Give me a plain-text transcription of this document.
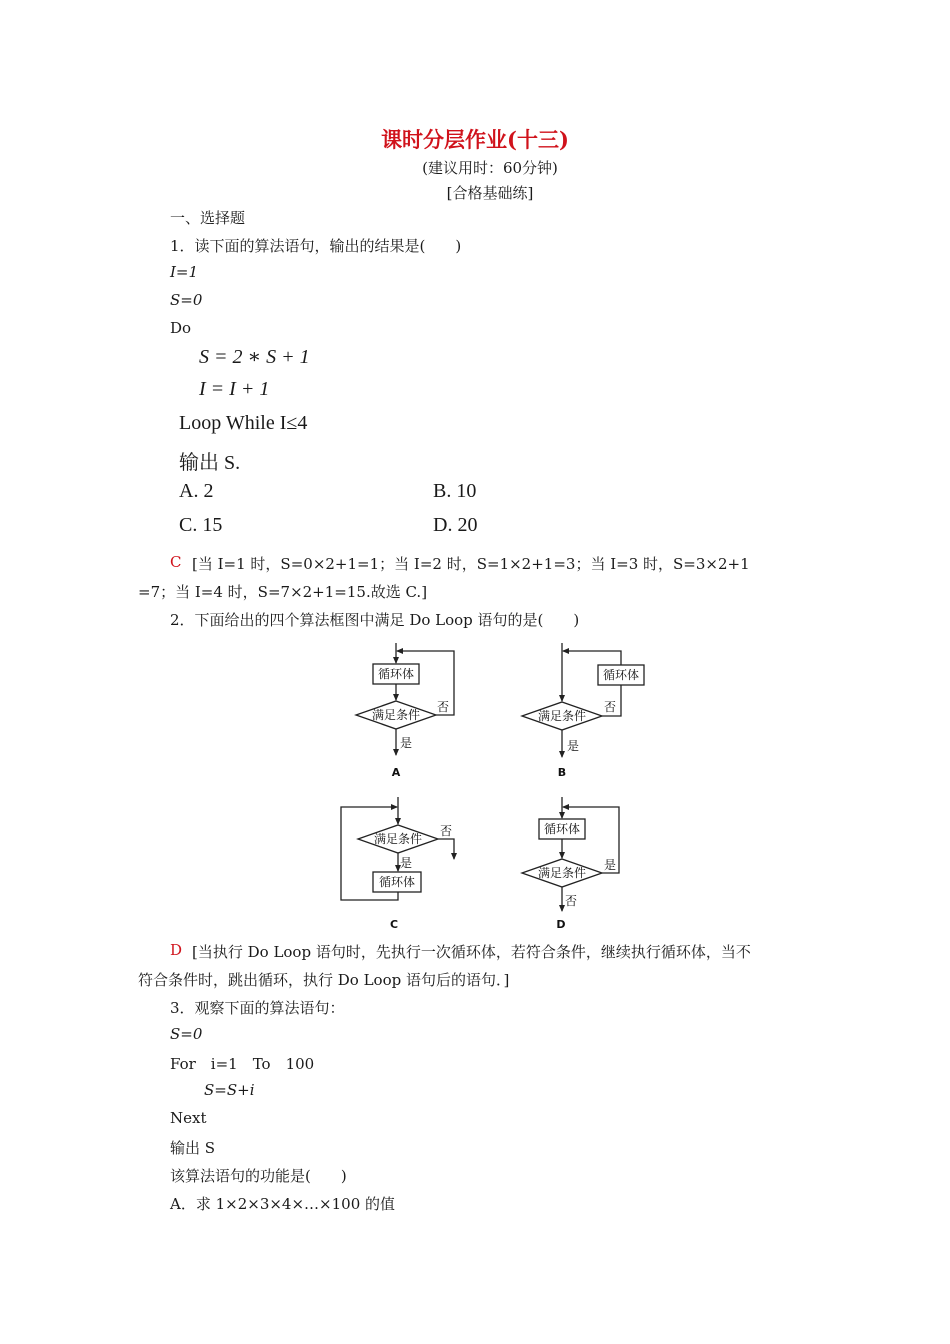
课时分层作业(十三)
(建议用时：60分钟)
[合格基础练]
一、选择题
1．读下面的算法语句，输出的结果是(　　)
I=1
S=0
Do
S = 2 ∗ S + 1
I = I + 1
Loop While I≤4
输出 S.
A. 2	B. 10
C. 15	D. 20
C [当 I=1 时，S=0×2+1=1；当 I=2 时，S=1×2+1=3；当 I=3 时，S=3×2+1
=7；当 I=4 时，S=7×2+1=15.故选 C.]
2．下面给出的四个算法框图中满足 Do Loop 语句的是(　　)
循环体
满足条件
否
是
A
循环体
满足条件
否
是
B
满足条件
否
是
循环体
C
循环体
满足条件
是
否
D
D [当执行 Do Loop 语句时，先执行一次循环体，若符合条件，继续执行循环体，当不
符合条件时，跳出循环，执行 Do Loop 语句后的语句．]
3．观察下面的算法语句：
S=0
For　i=1　To　100
S=S+i
Next
输出 S
该算法语句的功能是(　　)
A．求 1×2×3×4×…×100 的值
